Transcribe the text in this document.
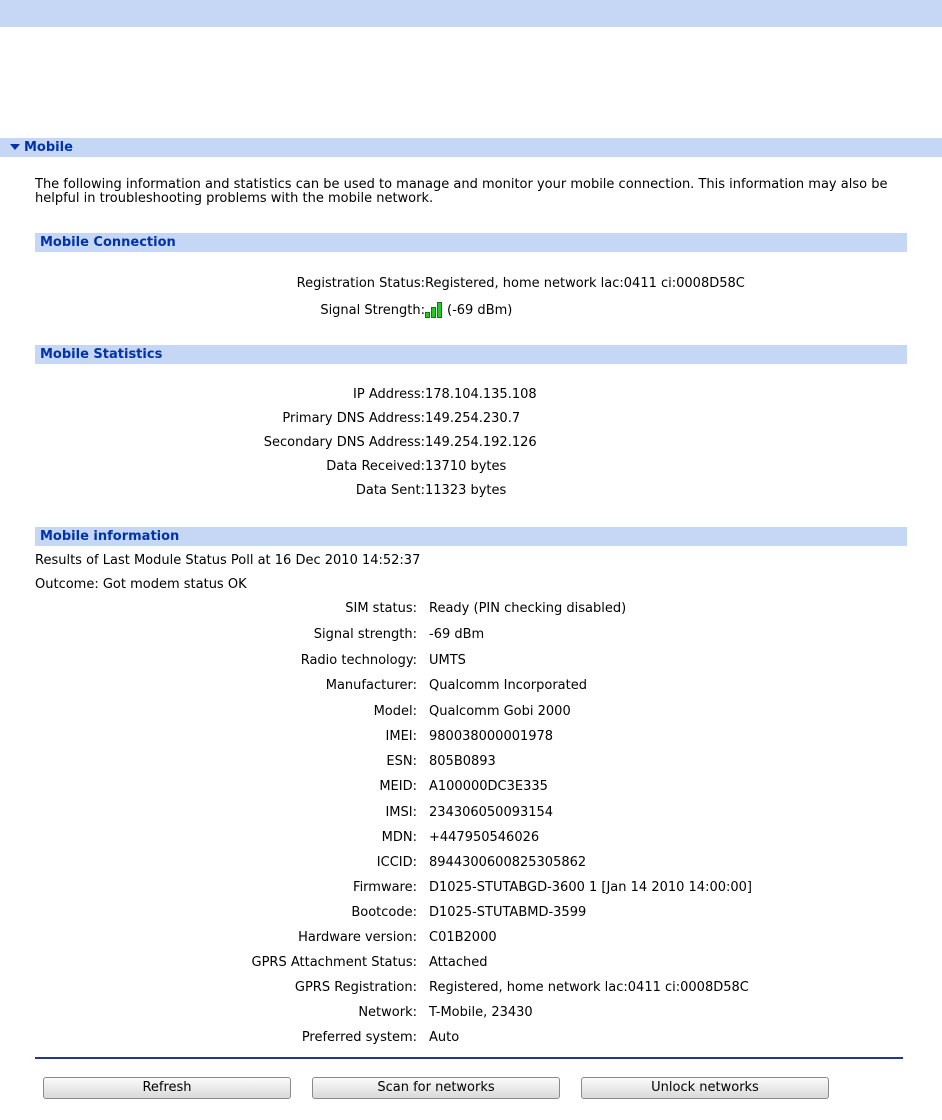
Mobile
The following information and statistics can be used to manage and monitor your mobile connection. This information may also be helpful in troubleshooting problems with the mobile network.
Mobile Connection
Registration Status: Registered, home network lac:0411 ci:0008D58C
Signal Strength: (-69 dBm)
Mobile Statistics
IP Address: 178.104.135.108
Primary DNS Address: 149.254.230.7
Secondary DNS Address: 149.254.192.126
Data Received: 13710 bytes
Data Sent: 11323 bytes
Mobile information
Results of Last Module Status Poll at 16 Dec 2010 14:52:37
Outcome: Got modem status OK
SIM status: Ready (PIN checking disabled)
Signal strength: -69 dBm
Radio technology: UMTS
Manufacturer: Qualcomm Incorporated
Model: Qualcomm Gobi 2000
IMEI: 980038000001978
ESN: 805B0893
MEID: A100000DC3E335
IMSI: 234306050093154
MDN: +447950546026
ICCID: 8944300600825305862
Firmware: D1025-STUTABGD-3600 1 [Jan 14 2010 14:00:00]
Bootcode: D1025-STUTABMD-3599
Hardware version: C01B2000
GPRS Attachment Status: Attached
GPRS Registration: Registered, home network lac:0411 ci:0008D58C
Network: T-Mobile, 23430
Preferred system: Auto
Refresh	Scan for networks	Unlock networks
